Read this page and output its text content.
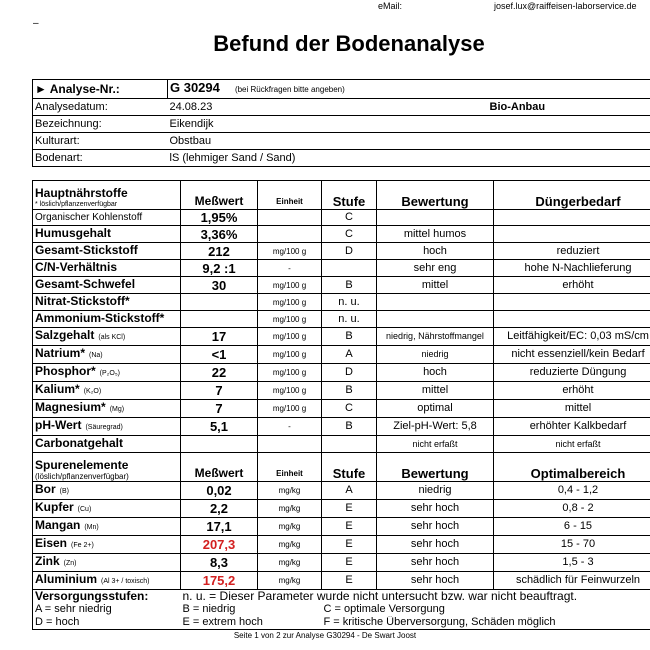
eMail:	josef.lux@raiffeisen-laborservice.de
–
Befund der Bodenanalyse
► Analyse-Nr.:	G 30294 (bei Rückfragen bitte angeben)	
Analysedatum:	24.08.23	Bio-Anbau
Bezeichnung:	Eikendijk	
Kulturart:	Obstbau	
Bodenart:	lS (lehmiger Sand / Sand)	
Hauptnährstoffe
* löslich/pflanzenverfügbar	Meßwert	Einheit	Stufe	Bewertung	Düngerbedarf
Organischer Kohlenstoff	1,95%		C		
Humusgehalt	3,36%		C	mittel humos	
Gesamt-Stickstoff	212	mg/100 g	D	hoch	reduziert
C/N-Verhältnis	9,2 :1	-		sehr eng	hohe N-Nachlieferung
Gesamt-Schwefel	30	mg/100 g	B	mittel	erhöht
Nitrat-Stickstoff*		mg/100 g	n. u.		
Ammonium-Stickstoff*		mg/100 g	n. u.		
Salzgehalt (als KCl)	17	mg/100 g	B	niedrig, Nährstoffmangel	Leitfähigkeit/EC: 0,03 mS/cm
Natrium* (Na)	<1	mg/100 g	A	niedrig	nicht essenziell/kein Bedarf
Phosphor* (P₂O₅)	22	mg/100 g	D	hoch	reduzierte Düngung
Kalium* (K₂O)	7	mg/100 g	B	mittel	erhöht
Magnesium* (Mg)	7	mg/100 g	C	optimal	mittel
pH-Wert (Säuregrad)	5,1	-	B	Ziel-pH-Wert: 5,8	erhöhter Kalkbedarf
Carbonatgehalt				nicht erfaßt	nicht erfaßt

Spurenelemente
(löslich/pflanzenverfügbar)	Meßwert	Einheit	Stufe	Bewertung	Optimalbereich
Bor (B)	0,02	mg/kg	A	niedrig	0,4 - 1,2
Kupfer (Cu)	2,2	mg/kg	E	sehr hoch	0,8 - 2
Mangan (Mn)	17,1	mg/kg	E	sehr hoch	6 - 15
Eisen (Fe 2+)	207,3	mg/kg	E	sehr hoch	15 - 70
Zink (Zn)	8,3	mg/kg	E	sehr hoch	1,5 - 3
Aluminium (Al 3+ / toxisch)	175,2	mg/kg	E	sehr hoch	schädlich für Feinwurzeln
Versorgungsstufen:	n. u. = Dieser Parameter wurde nicht untersucht bzw. war nicht beauftragt.				
A = sehr niedrig	B = niedrig		C = optimale Versorgung		
D = hoch	E = extrem hoch		F = kritische Überversorgung, Schäden möglich		
Seite 1 von 2 zur Analyse G30294 - De Swart Joost
